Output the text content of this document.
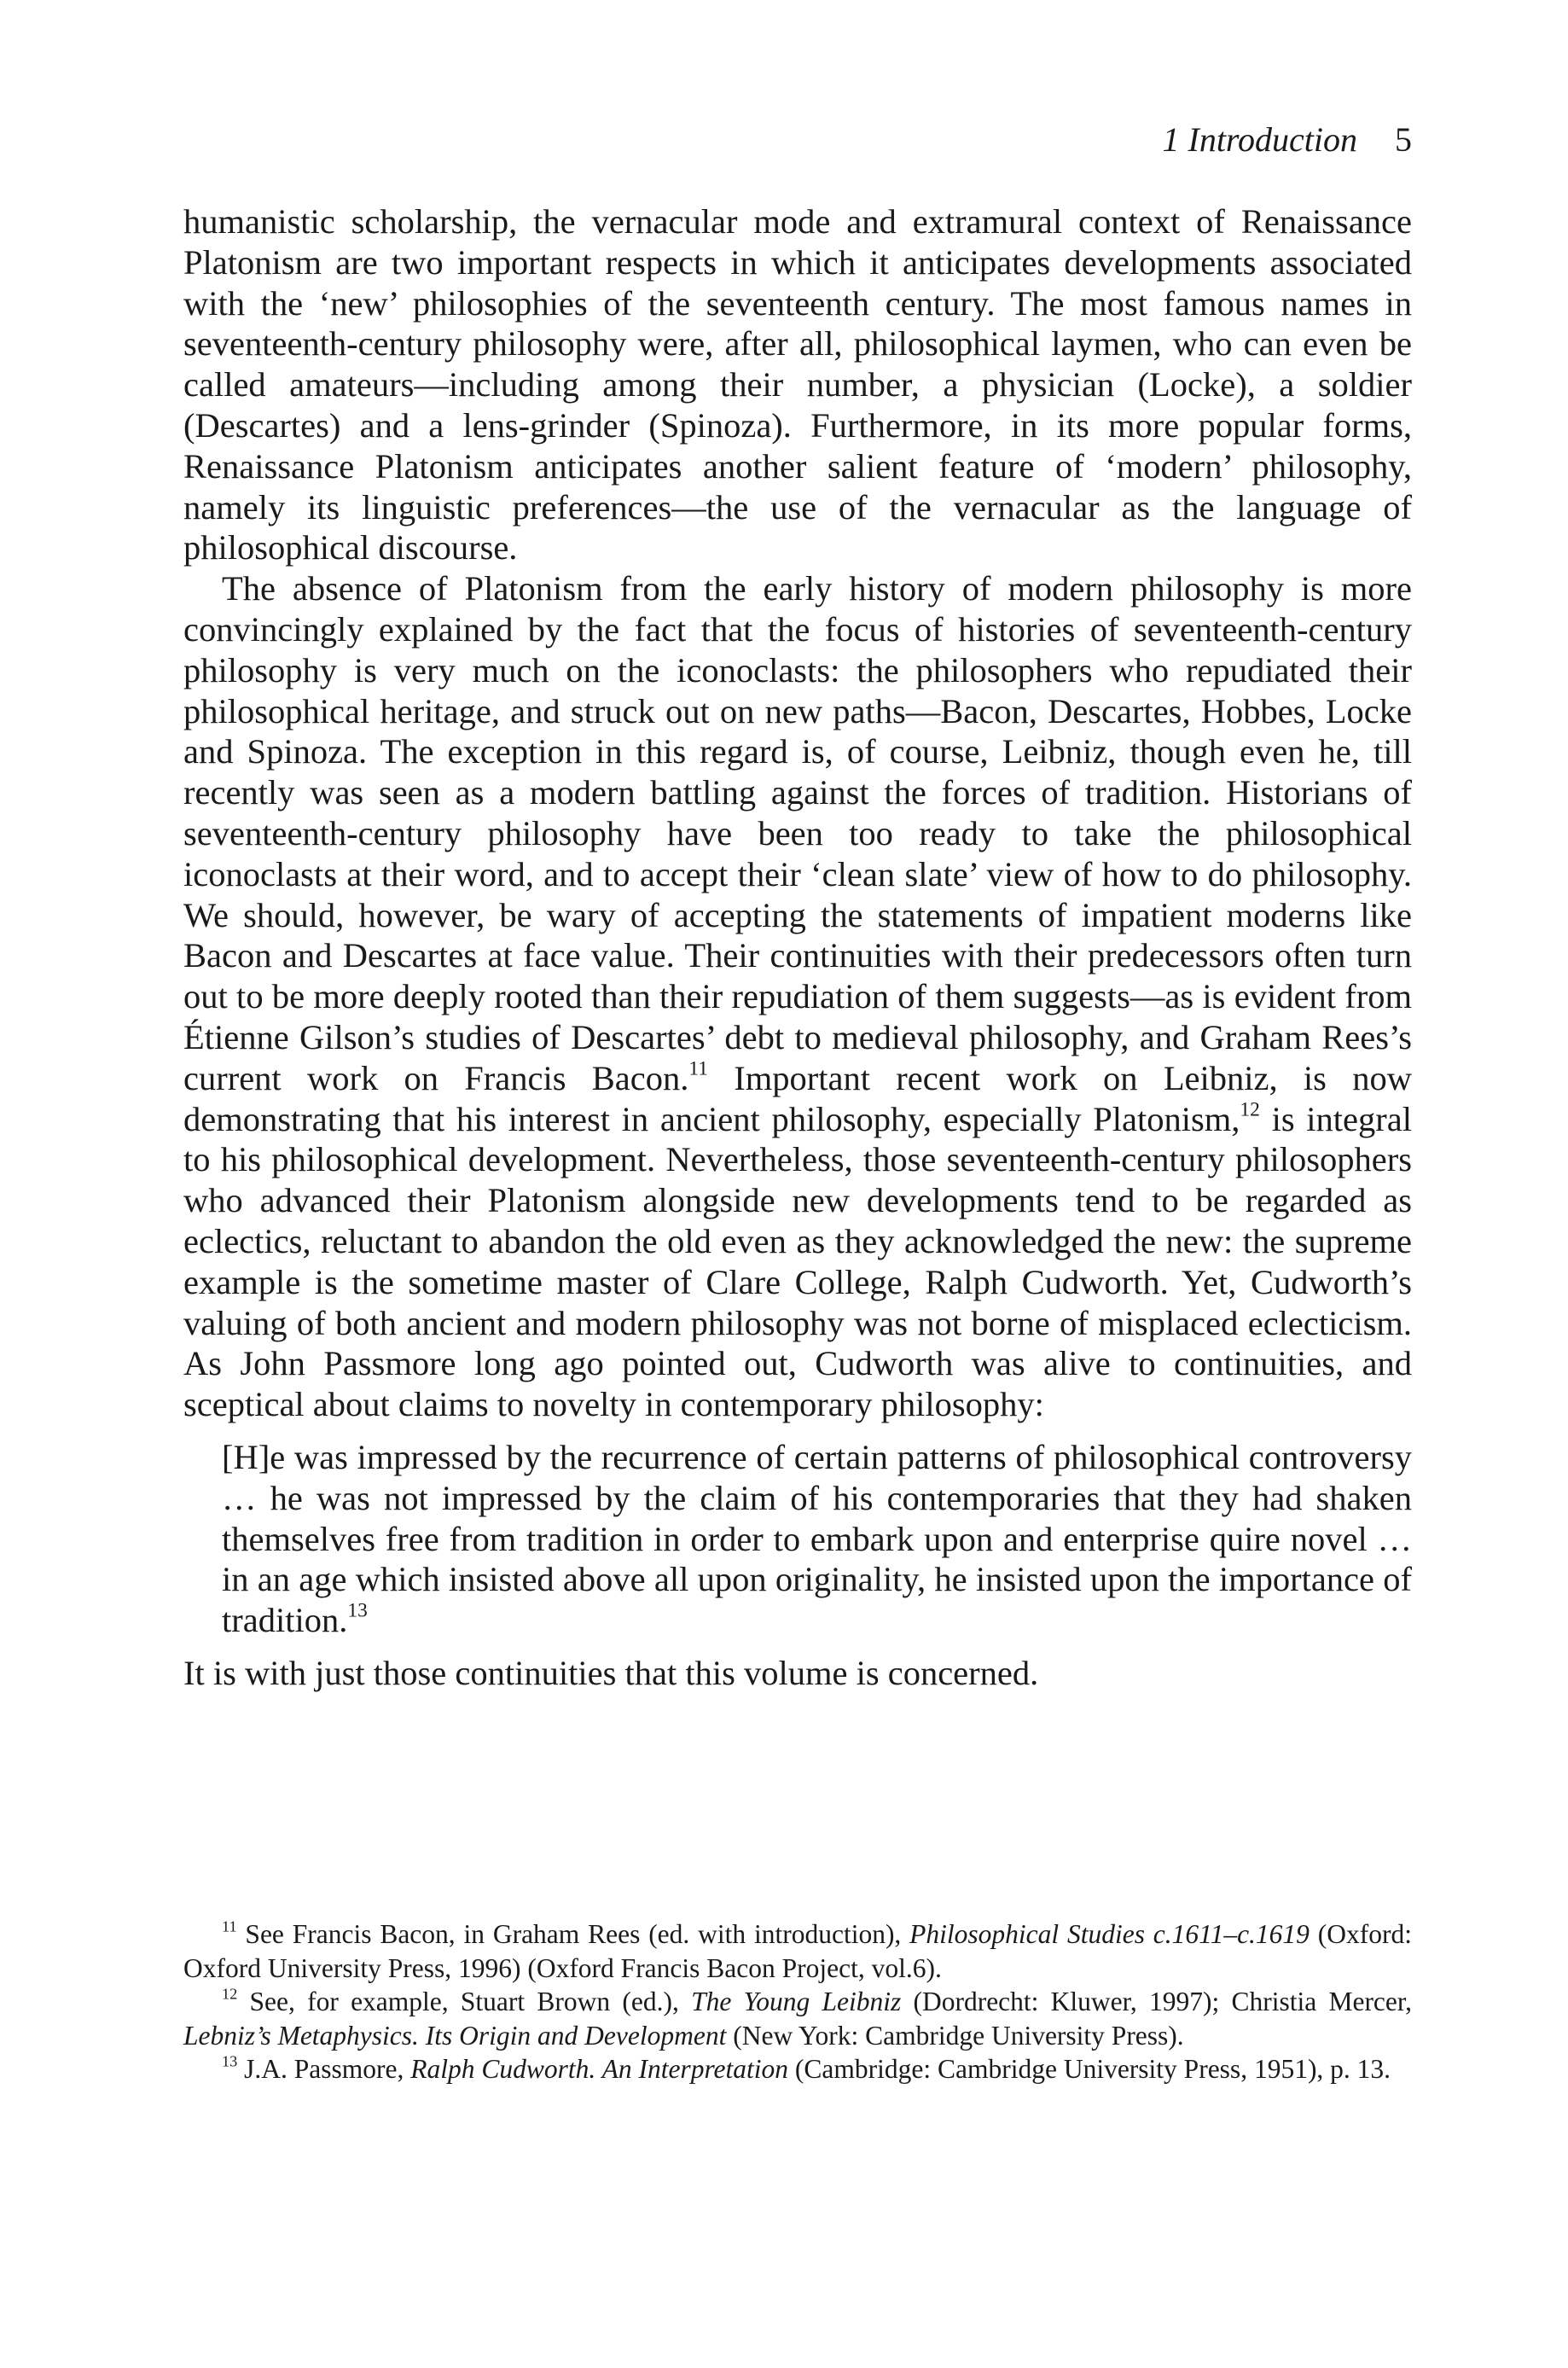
1 Introduction 5

humanistic scholarship, the vernacular mode and extramural context of Renaissance Platonism are two important respects in which it anticipates developments associated with the ‘new’ philosophies of the seventeenth century. The most famous names in seventeenth-century philosophy were, after all, philosophical laymen, who can even be called amateurs—including among their number, a physician (Locke), a soldier (Descartes) and a lens-grinder (Spinoza). Furthermore, in its more popular forms, Renaissance Platonism anticipates another salient feature of ‘modern’ philosophy, namely its linguistic preferences—the use of the vernacular as the language of philosophical discourse.

The absence of Platonism from the early history of modern philosophy is more convincingly explained by the fact that the focus of histories of seventeenth-century philosophy is very much on the iconoclasts: the philosophers who repudiated their philosophical heritage, and struck out on new paths—Bacon, Descartes, Hobbes, Locke and Spinoza. The exception in this regard is, of course, Leibniz, though even he, till recently was seen as a modern battling against the forces of tradition. Historians of seventeenth-century philosophy have been too ready to take the philosophical iconoclasts at their word, and to accept their ‘clean slate’ view of how to do philosophy. We should, however, be wary of accepting the statements of impatient moderns like Bacon and Descartes at face value. Their continuities with their predecessors often turn out to be more deeply rooted than their repudiation of them suggests—as is evident from Étienne Gilson’s studies of Descartes’ debt to medieval philosophy, and Graham Rees’s current work on Francis Bacon.$^{11}$ Important recent work on Leibniz, is now demonstrating that his interest in ancient philosophy, especially Platonism,$^{12}$ is integral to his philosophical development. Nevertheless, those seventeenth-century philosophers who advanced their Platonism alongside new developments tend to be regarded as eclectics, reluctant to abandon the old even as they acknowledged the new: the supreme example is the sometime master of Clare College, Ralph Cudworth. Yet, Cudworth’s valuing of both ancient and modern philosophy was not borne of misplaced eclecticism. As John Passmore long ago pointed out, Cudworth was alive to continuities, and sceptical about claims to novelty in contemporary philosophy:

[H]e was impressed by the recurrence of certain patterns of philosophical controversy … he was not impressed by the claim of his contemporaries that they had shaken themselves free from tradition in order to embark upon and enterprise quire novel … in an age which insisted above all upon originality, he insisted upon the importance of tradition.$^{13}$

It is with just those continuities that this volume is concerned.

$^{11}$ See Francis Bacon, in Graham Rees (ed. with introduction), Philosophical Studies c.1611–c.1619 (Oxford: Oxford University Press, 1996) (Oxford Francis Bacon Project, vol.6).

$^{12}$ See, for example, Stuart Brown (ed.), The Young Leibniz (Dordrecht: Kluwer, 1997); Christia Mercer, Lebniz’s Metaphysics. Its Origin and Development (New York: Cambridge University Press).

$^{13}$ J.A. Passmore, Ralph Cudworth. An Interpretation (Cambridge: Cambridge University Press, 1951), p. 13.
